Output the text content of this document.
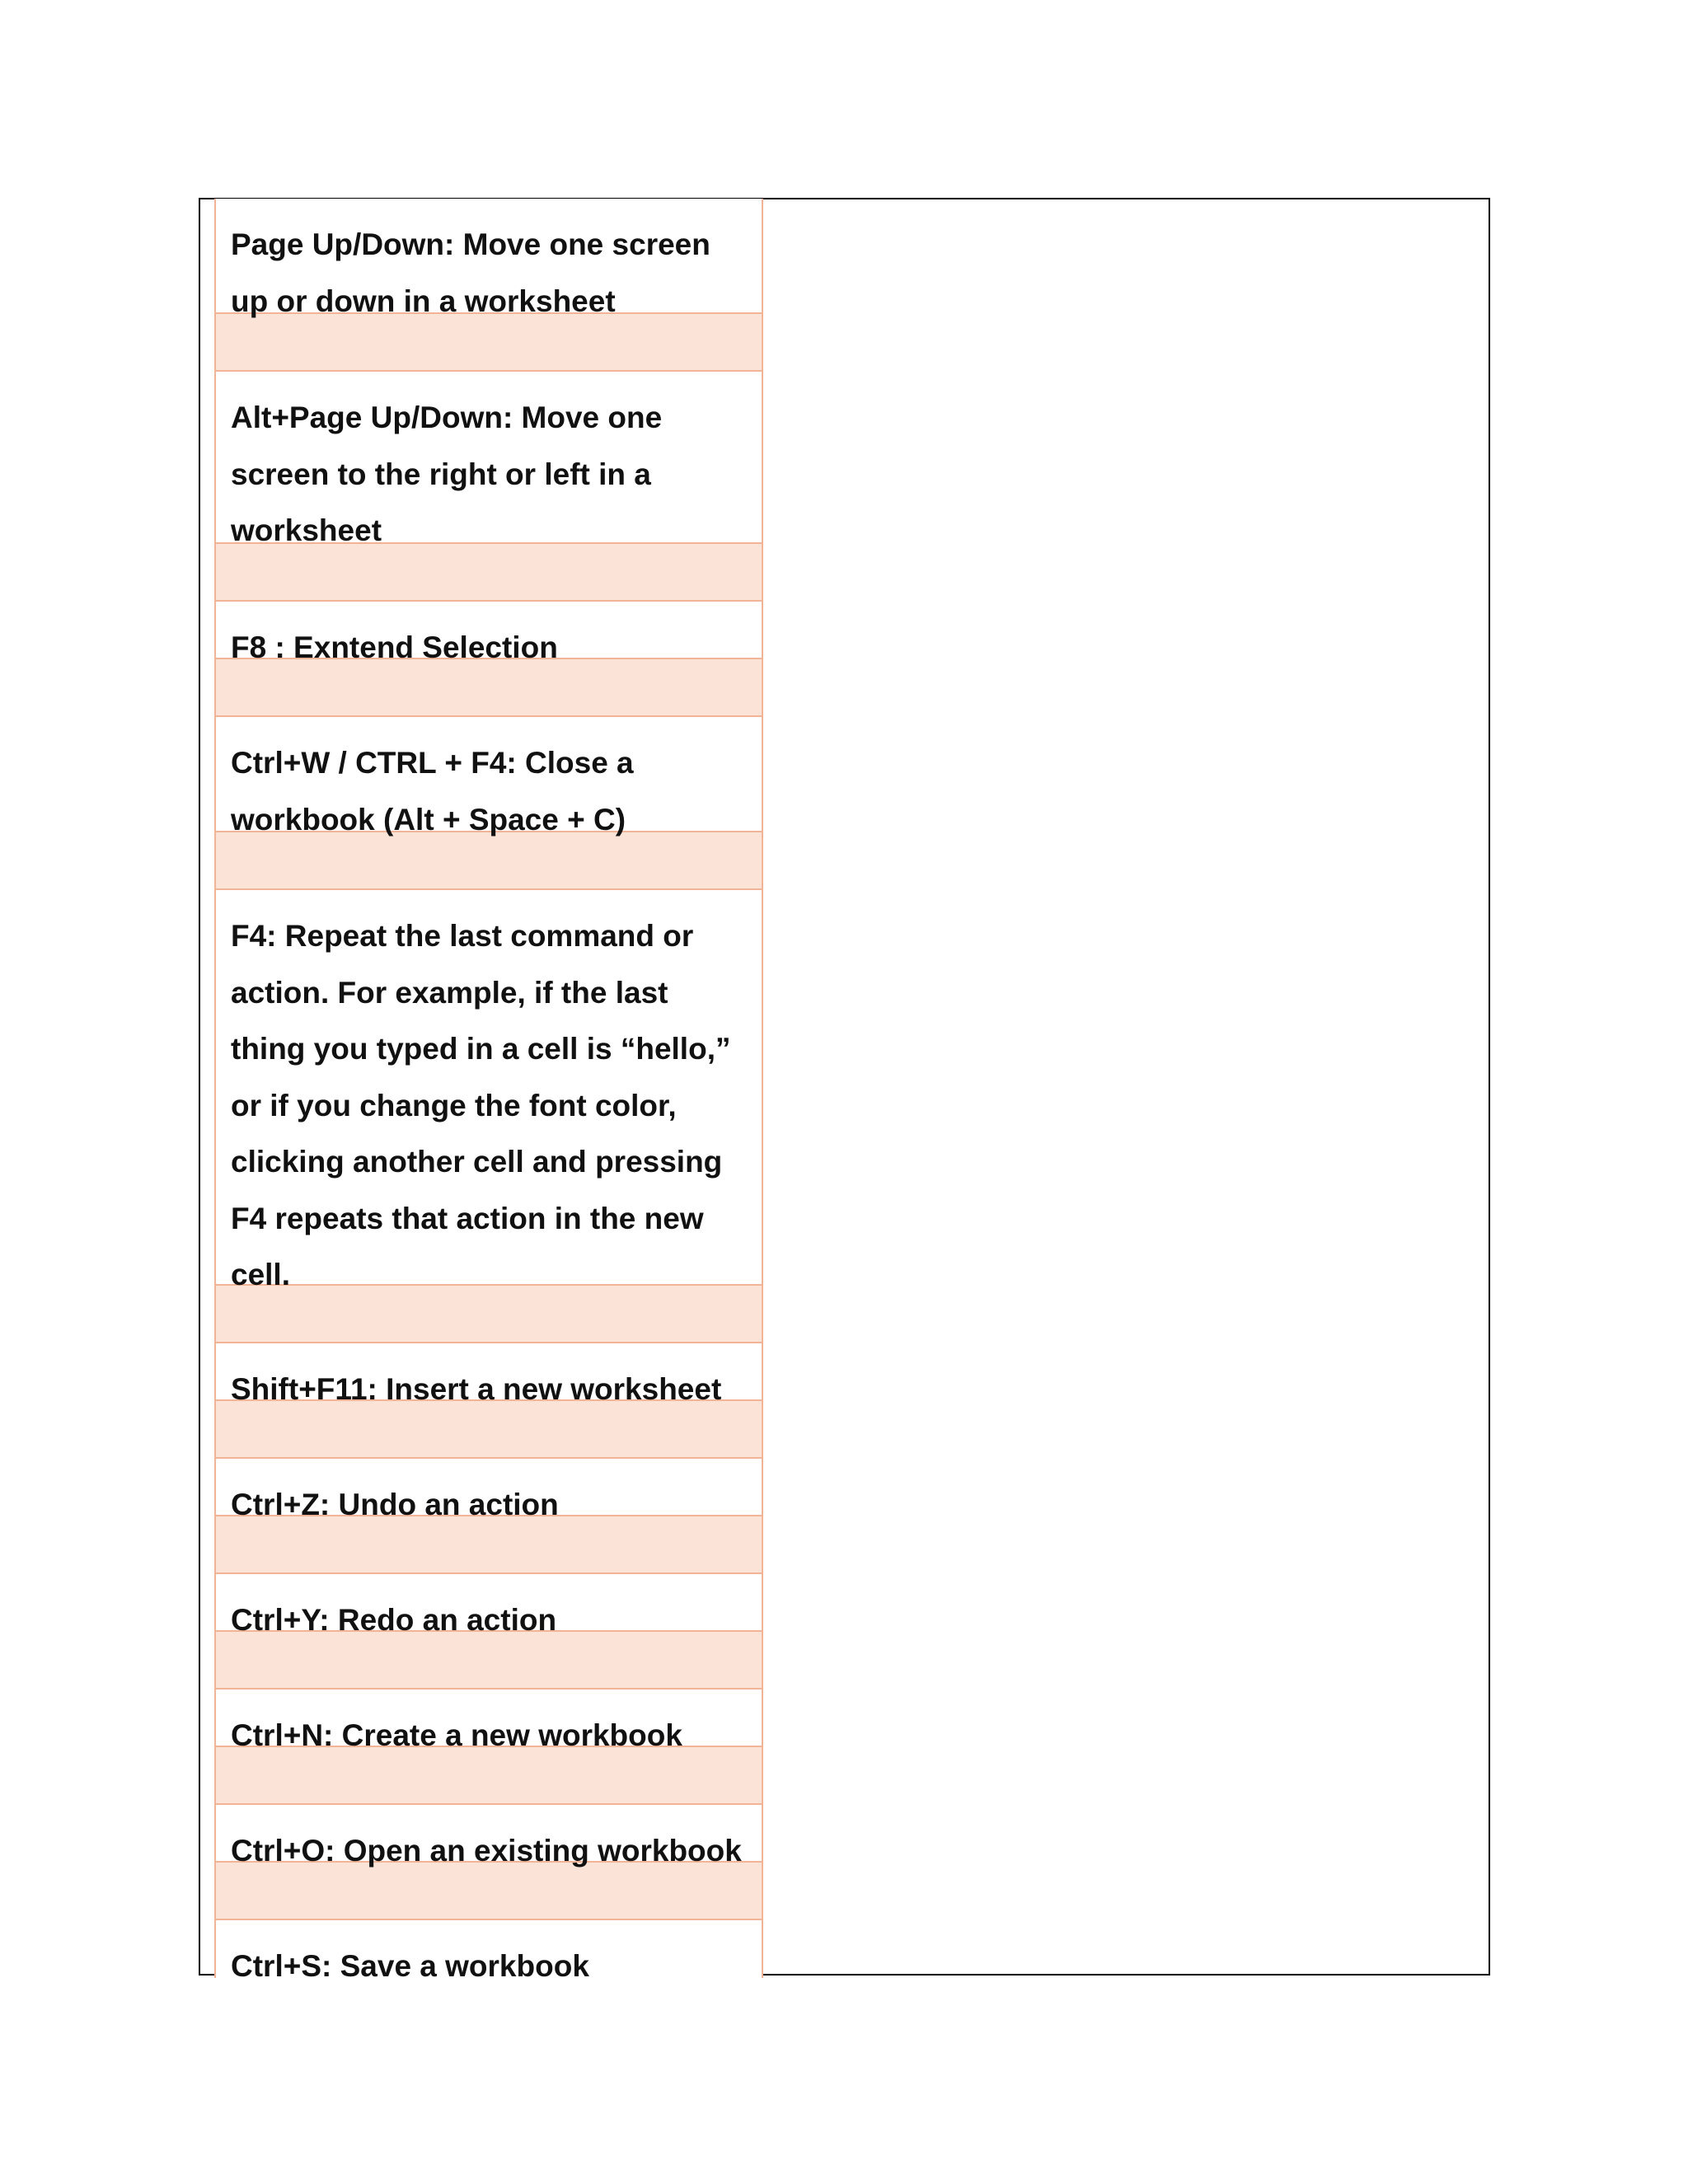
Page Up/Down: Move one screen up or down in a worksheet
Alt+Page Up/Down: Move one screen to the right or left in a worksheet
F8 : Exntend Selection
Ctrl+W / CTRL + F4: Close a workbook (Alt + Space + C)
F4: Repeat the last command or action. For example, if the last thing you typed in a cell is “hello,” or if you change the font color, clicking another cell and pressing F4 repeats that action in the new cell.
Shift+F11: Insert a new worksheet
Ctrl+Z: Undo an action
Ctrl+Y: Redo an action
Ctrl+N: Create a new workbook
Ctrl+O: Open an existing workbook
Ctrl+S: Save a workbook
